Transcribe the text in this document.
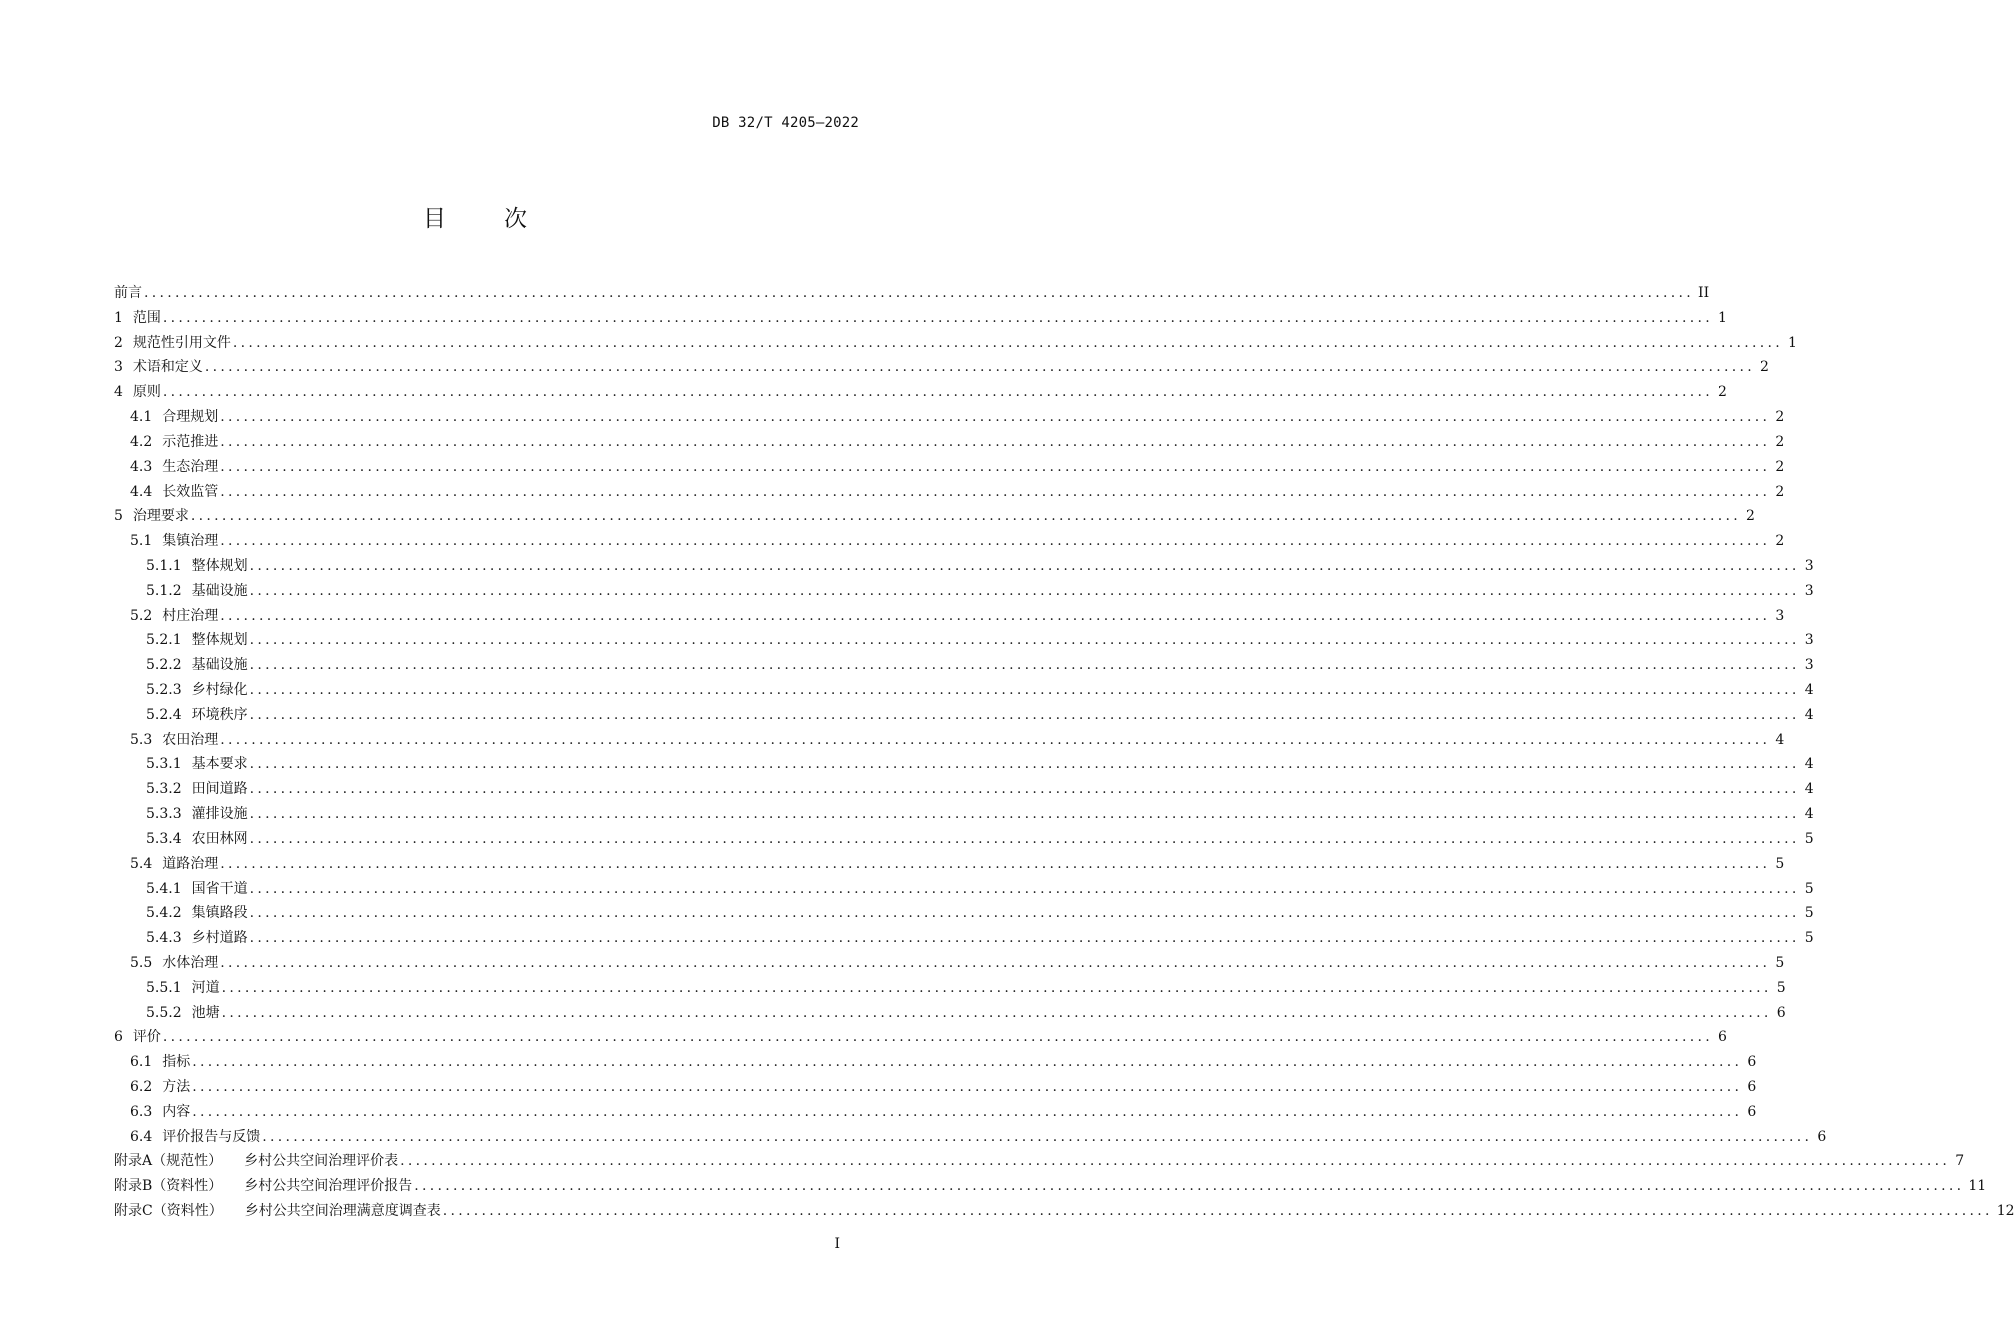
DB 32/T 4205—2022
目	次
前言 ........................................................................................................................................................................................................ II
1 范围 ........................................................................................................................................................................................................ 1
2 规范性引用文件 ........................................................................................................................................................................................................ 1
3 术语和定义 ........................................................................................................................................................................................................ 2
4 原则 ........................................................................................................................................................................................................ 2
4.1 合理规划 ........................................................................................................................................................................................................ 2
4.2 示范推进 ........................................................................................................................................................................................................ 2
4.3 生态治理 ........................................................................................................................................................................................................ 2
4.4 长效监管 ........................................................................................................................................................................................................ 2
5 治理要求 ........................................................................................................................................................................................................ 2
5.1 集镇治理 ........................................................................................................................................................................................................ 2
5.1.1 整体规划 ........................................................................................................................................................................................................ 3
5.1.2 基础设施 ........................................................................................................................................................................................................ 3
5.2 村庄治理 ........................................................................................................................................................................................................ 3
5.2.1 整体规划 ........................................................................................................................................................................................................ 3
5.2.2 基础设施 ........................................................................................................................................................................................................ 3
5.2.3 乡村绿化 ........................................................................................................................................................................................................ 4
5.2.4 环境秩序 ........................................................................................................................................................................................................ 4
5.3 农田治理 ........................................................................................................................................................................................................ 4
5.3.1 基本要求 ........................................................................................................................................................................................................ 4
5.3.2 田间道路 ........................................................................................................................................................................................................ 4
5.3.3 灌排设施 ........................................................................................................................................................................................................ 4
5.3.4 农田林网 ........................................................................................................................................................................................................ 5
5.4 道路治理 ........................................................................................................................................................................................................ 5
5.4.1 国省干道 ........................................................................................................................................................................................................ 5
5.4.2 集镇路段 ........................................................................................................................................................................................................ 5
5.4.3 乡村道路 ........................................................................................................................................................................................................ 5
5.5 水体治理 ........................................................................................................................................................................................................ 5
5.5.1 河道 ........................................................................................................................................................................................................ 5
5.5.2 池塘 ........................................................................................................................................................................................................ 6
6 评价 ........................................................................................................................................................................................................ 6
6.1 指标 ........................................................................................................................................................................................................ 6
6.2 方法 ........................................................................................................................................................................................................ 6
6.3 内容 ........................................................................................................................................................................................................ 6
6.4 评价报告与反馈 ........................................................................................................................................................................................................ 6
附录A（规范性） 乡村公共空间治理评价表 ........................................................................................................................................................................................................ 7
附录B（资料性） 乡村公共空间治理评价报告 ........................................................................................................................................................................................................ 11
附录C（资料性） 乡村公共空间治理满意度调查表 ........................................................................................................................................................................................................ 12
I
